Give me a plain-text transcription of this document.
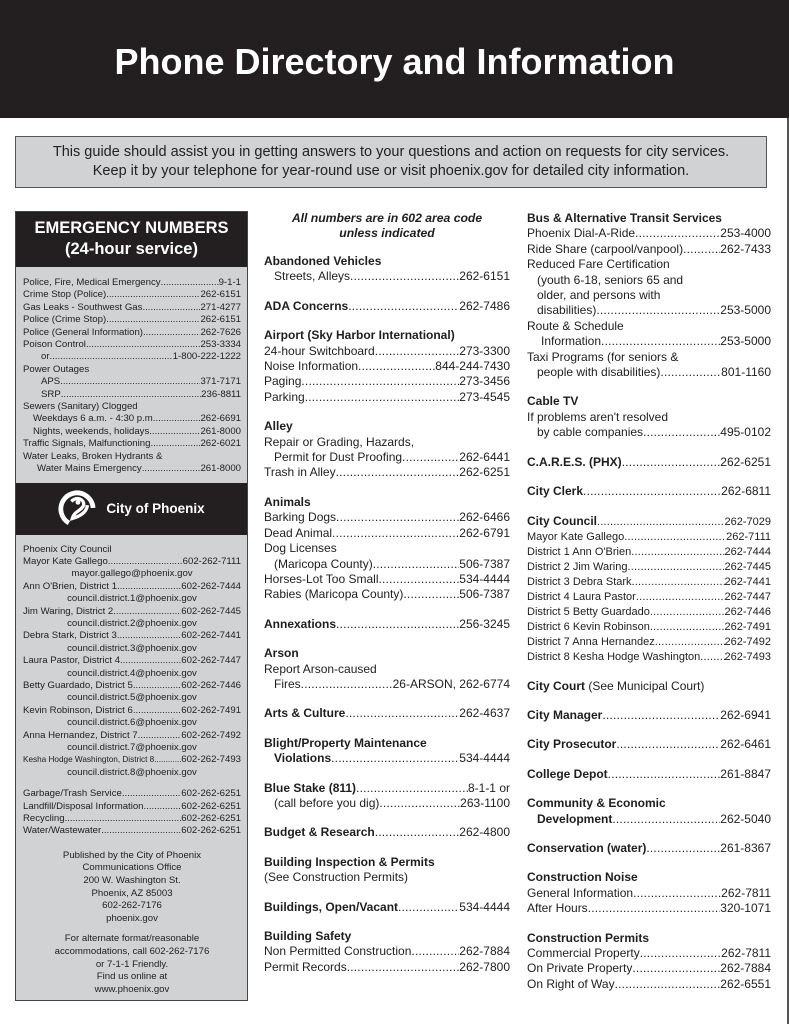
Phone Directory and Information
This guide should assist you in getting answers to your questions and action on requests for city services.
Keep it by your telephone for year-round use or visit phoenix.gov for detailed city information.
EMERGENCY NUMBERS
(24-hour service)
Police, Fire, Medical Emergency .....	9-1-1
Crime Stop (Police) .....	262-6151
Gas Leaks - Southwest Gas .....	271-4277
Police (Crime Stop) .....	262-6151
Police (General Information) .....	262-7626
Poison Control .....	253-3334
or .....	1-800-222-1222
Power Outages
APS .....	371-7171
SRP .....	236-8811
Sewers (Sanitary) Clogged
Weekdays 6 a.m. - 4:30 p.m. .....	262-6691
Nights, weekends, holidays .....	261-8000
Traffic Signals, Malfunctioning .....	262-6021
Water Leaks, Broken Hydrants &
Water Mains Emergency .....	261-8000
City of Phoenix
Phoenix City Council
Mayor Kate Gallego .....	602-262-7111
mayor.gallego@phoenix.gov
Ann O'Brien, District 1 .....	602-262-7444
council.district.1@phoenix.gov
Jim Waring, District 2 .....	602-262-7445
council.district.2@phoenix.gov
Debra Stark, District 3 .....	602-262-7441
council.district.3@phoenix.gov
Laura Pastor, District 4 .....	602-262-7447
council.district.4@phoenix.gov
Betty Guardado, District 5 .....	602-262-7446
council.district.5@phoenix.gov
Kevin Robinson, District 6 .....	602-262-7491
council.district.6@phoenix.gov
Anna Hernandez, District 7 .....	602-262-7492
council.district.7@phoenix.gov
Kesha Hodge Washington, District 8 .....	602-262-7493
council.district.8@phoenix.gov
Garbage/Trash Service .....	602-262-6251
Landfill/Disposal Information .....	602-262-6251
Recycling .....	602-262-6251
Water/Wastewater .....	602-262-6251
Published by the City of Phoenix
Communications Office
200 W. Washington St.
Phoenix, AZ 85003
602-262-7176
phoenix.gov
For alternate format/reasonable
accommodations, call 602-262-7176
or 7-1-1 Friendly.
Find us online at
www.phoenix.gov
All numbers are in 602 area code
unless indicated
Abandoned Vehicles
Streets, Alleys .....	262-6151
ADA Concerns .....	262-7486
Airport (Sky Harbor International)
24-hour Switchboard .....	273-3300
Noise Information .....	844-244-7430
Paging .....	273-3456
Parking .....	273-4545
Alley
Repair or Grading, Hazards,
Permit for Dust Proofing .....	262-6441
Trash in Alley .....	262-6251
Animals
Barking Dogs .....	262-6466
Dead Animal .....	262-6791
Dog Licenses
(Maricopa County) .....	506-7387
Horses-Lot Too Small .....	534-4444
Rabies (Maricopa County) .....	506-7387
Annexations .....	256-3245
Arson
Report Arson-caused
Fires .....	26-ARSON, 262-6774
Arts & Culture .....	262-4637
Blight/Property Maintenance
Violations .....	534-4444
Blue Stake (811) .....	8-1-1 or
(call before you dig) .....	263-1100
Budget & Research .....	262-4800
Building Inspection & Permits
(See Construction Permits)
Buildings, Open/Vacant .....	534-4444
Building Safety
Non Permitted Construction .....	262-7884
Permit Records .....	262-7800
Bus & Alternative Transit Services
Phoenix Dial-A-Ride .....	253-4000
Ride Share (carpool/vanpool) .....	262-7433
Reduced Fare Certification
(youth 6-18, seniors 65 and
older, and persons with
disabilities) .....	253-5000
Route & Schedule
Information .....	253-5000
Taxi Programs (for seniors &
people with disabilities) .....	801-1160
Cable TV
If problems aren't resolved
by cable companies .....	495-0102
C.A.R.E.S. (PHX) .....	262-6251
City Clerk .....	262-6811
City Council .....	262-7029
Mayor Kate Gallego .....	262-7111
District 1 Ann O'Brien .....	262-7444
District 2 Jim Waring .....	262-7445
District 3 Debra Stark .....	262-7441
District 4 Laura Pastor .....	262-7447
District 5 Betty Guardado .....	262-7446
District 6 Kevin Robinson .....	262-7491
District 7 Anna Hernandez .....	262-7492
District 8 Kesha Hodge Washington ..... 262-7493
City Court (See Municipal Court)
City Manager .....	262-6941
City Prosecutor .....	262-6461
College Depot .....	261-8847
Community & Economic
Development .....	262-5040
Conservation (water) .....	261-8367
Construction Noise
General Information .....	262-7811
After Hours .....	320-1071
Construction Permits
Commercial Property .....	262-7811
On Private Property .....	262-7884
On Right of Way .....	262-6551
